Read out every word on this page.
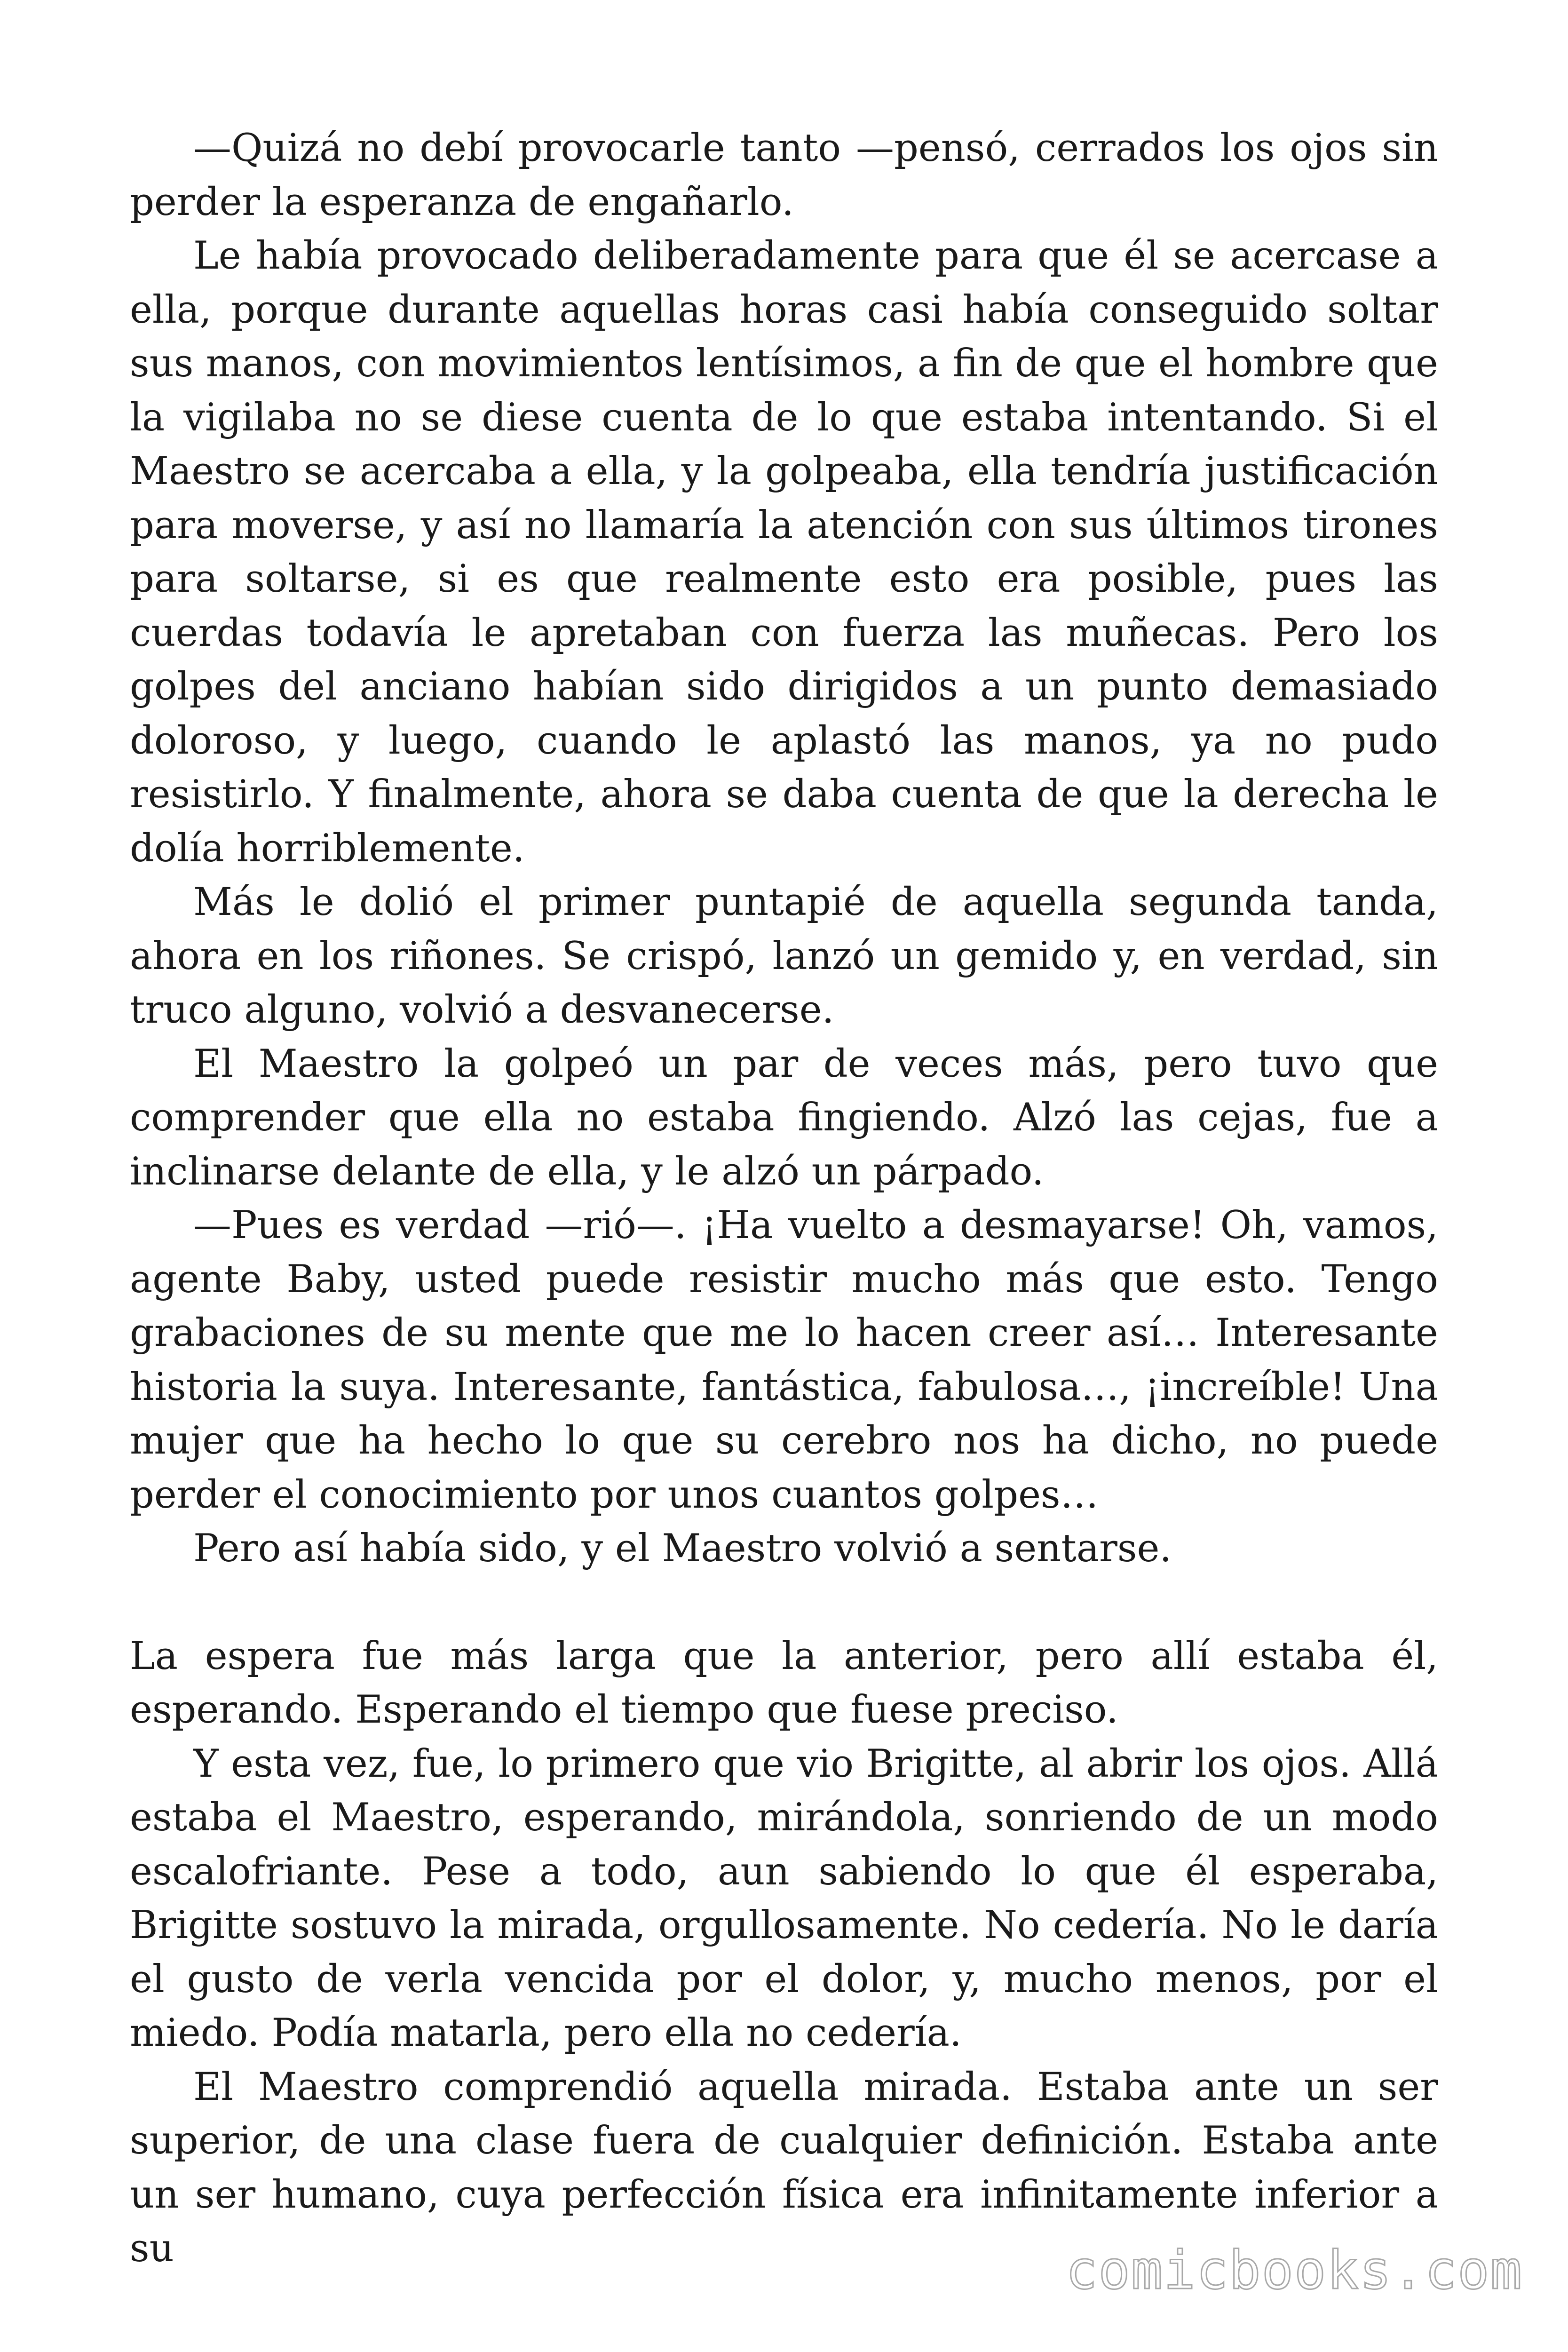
—Quizá no debí provocarle tanto —pensó, cerrados los ojos sin perder la esperanza de engañarlo.

Le había provocado deliberadamente para que él se acercase a ella, porque durante aquellas horas casi había conseguido soltar sus manos, con movimientos lentísimos, a fin de que el hombre que la vigilaba no se diese cuenta de lo que estaba intentando. Si el Maestro se acercaba a ella, y la golpeaba, ella tendría justificación para moverse, y así no llamaría la atención con sus últimos tirones para soltarse, si es que realmente esto era posible, pues las cuerdas todavía le apretaban con fuerza las muñecas. Pero los golpes del anciano habían sido dirigidos a un punto demasiado doloroso, y luego, cuando le aplastó las manos, ya no pudo resistirlo. Y finalmente, ahora se daba cuenta de que la derecha le dolía horriblemente.

Más le dolió el primer puntapié de aquella segunda tanda, ahora en los riñones. Se crispó, lanzó un gemido y, en verdad, sin truco alguno, volvió a desvanecerse.

El Maestro la golpeó un par de veces más, pero tuvo que comprender que ella no estaba fingiendo. Alzó las cejas, fue a inclinarse delante de ella, y le alzó un párpado.

—Pues es verdad —rió—. ¡Ha vuelto a desmayarse! Oh, vamos, agente Baby, usted puede resistir mucho más que esto. Tengo grabaciones de su mente que me lo hacen creer así… Interesante historia la suya. Interesante, fantástica, fabulosa…, ¡increíble! Una mujer que ha hecho lo que su cerebro nos ha dicho, no puede perder el conocimiento por unos cuantos golpes…

Pero así había sido, y el Maestro volvió a sentarse.

La espera fue más larga que la anterior, pero allí estaba él, esperando. Esperando el tiempo que fuese preciso.

Y esta vez, fue, lo primero que vio Brigitte, al abrir los ojos. Allá estaba el Maestro, esperando, mirándola, sonriendo de un modo escalofriante. Pese a todo, aun sabiendo lo que él esperaba, Brigitte sostuvo la mirada, orgullosamente. No cedería. No le daría el gusto de verla vencida por el dolor, y, mucho menos, por el miedo. Podía matarla, pero ella no cedería.

El Maestro comprendió aquella mirada. Estaba ante un ser superior, de una clase fuera de cualquier definición. Estaba ante un ser humano, cuya perfección física era infinitamente inferior a su	comicbooks.com
